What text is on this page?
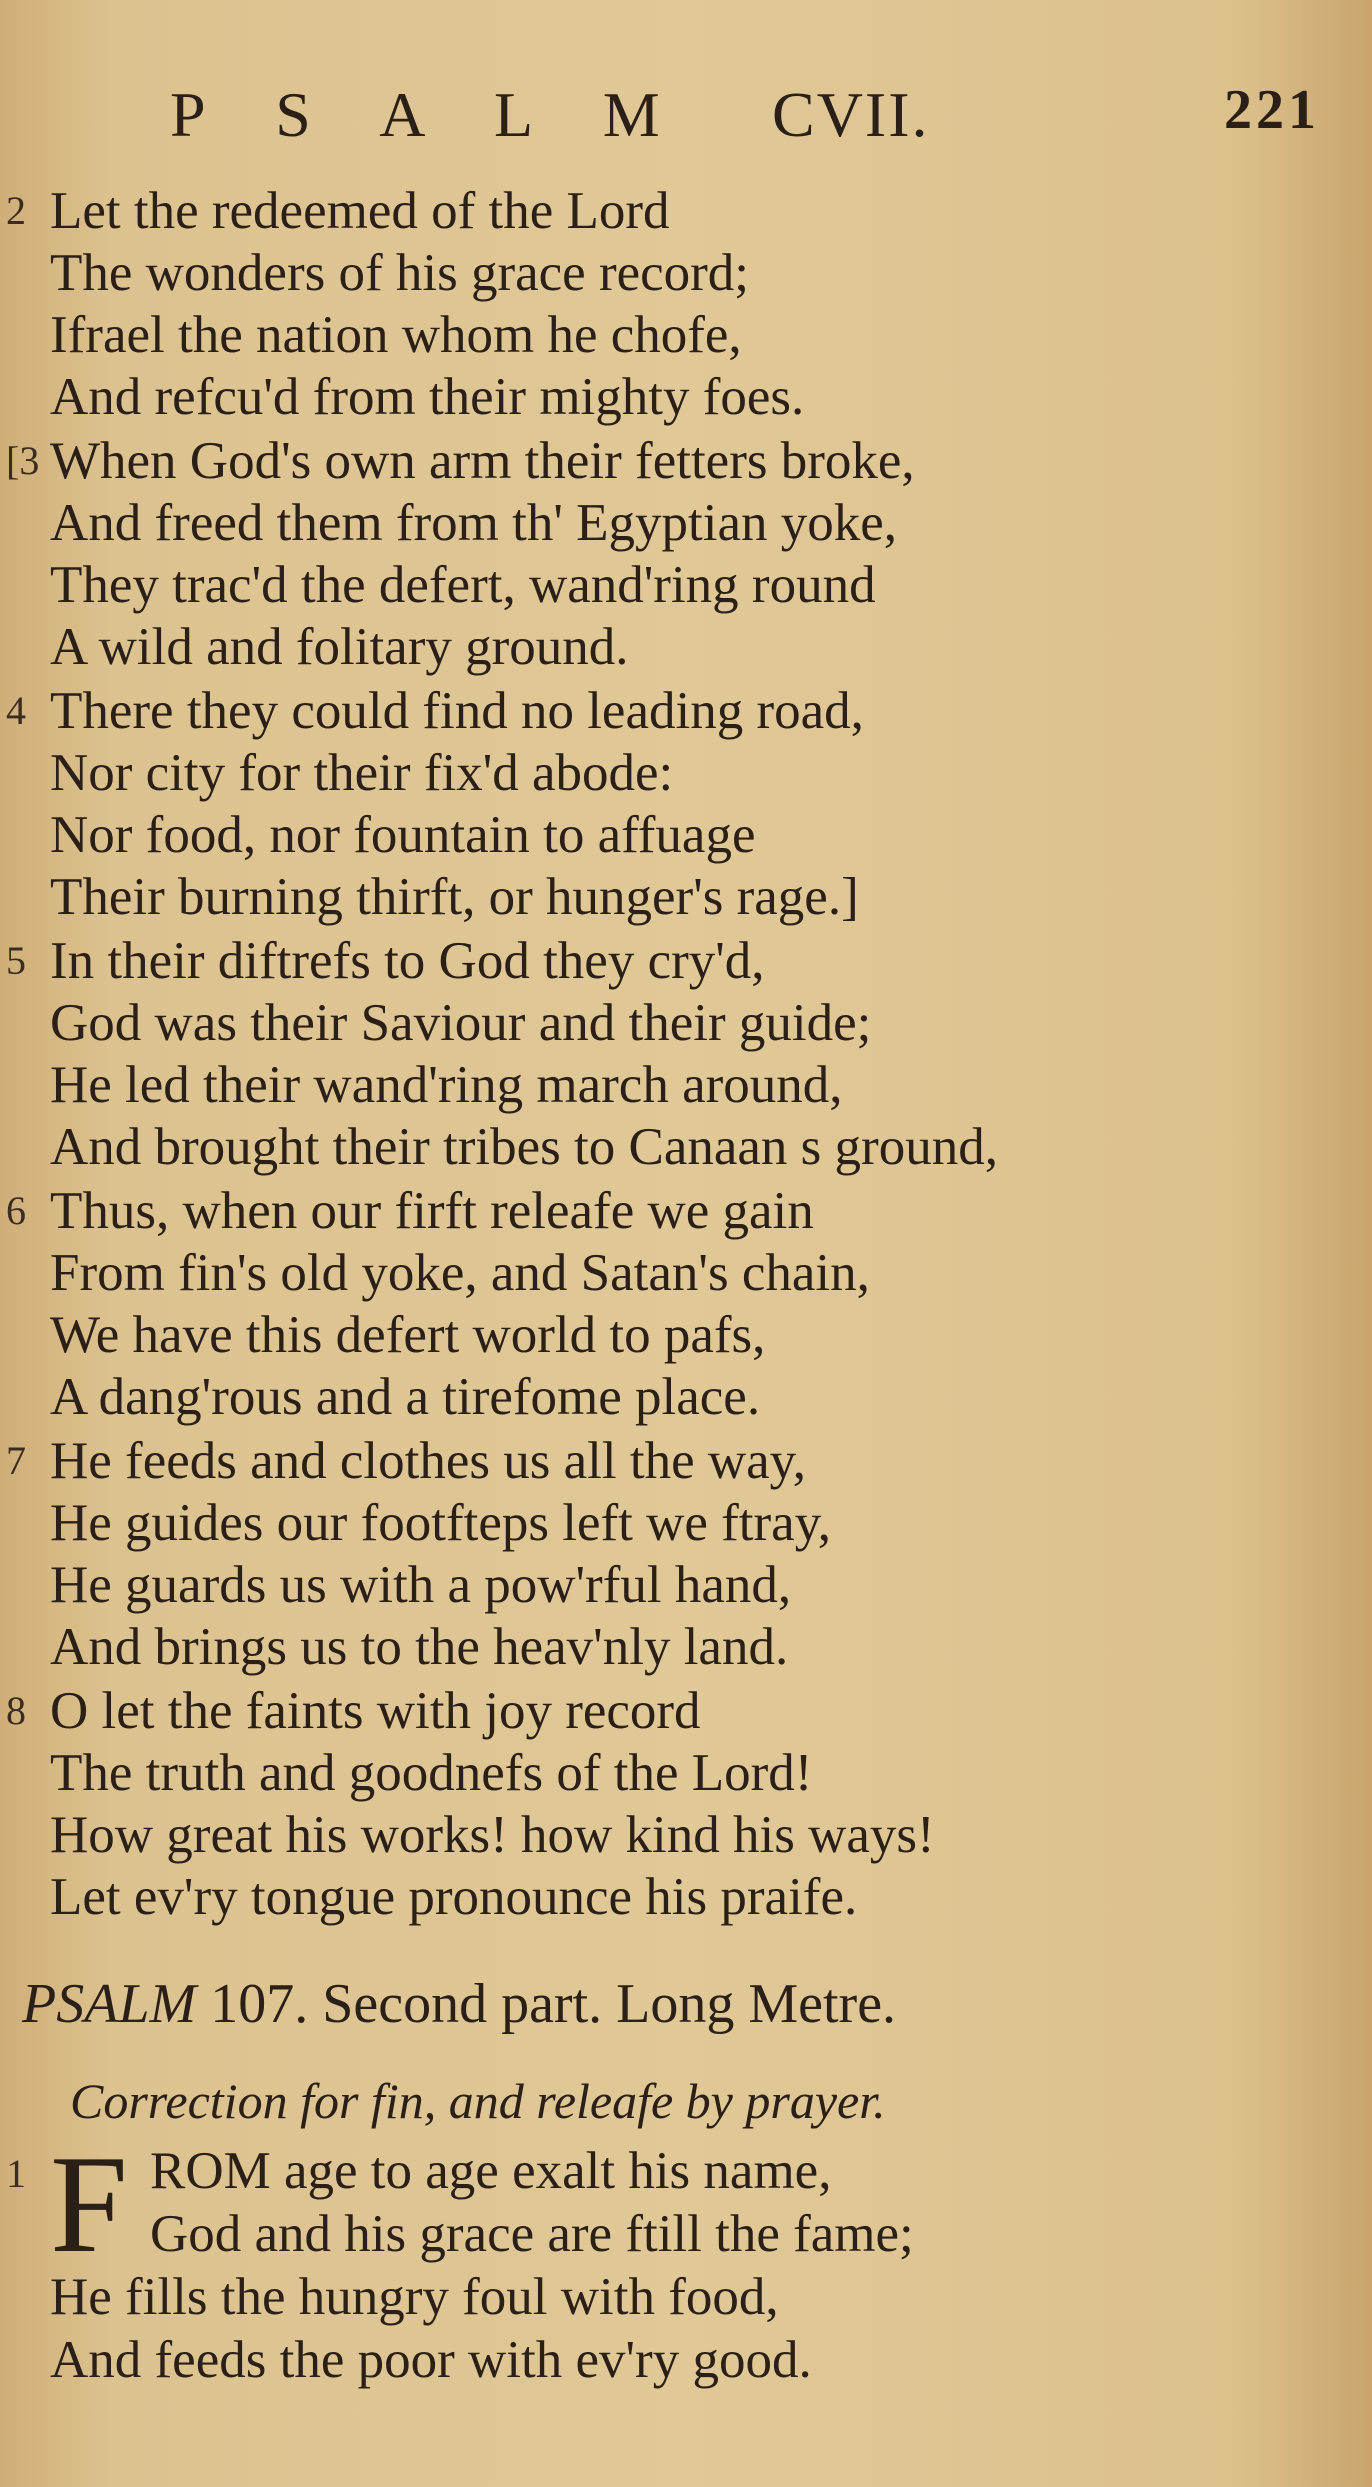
P S A L M CVII.	221
2 Let the redeemed of the Lord
The wonders of his grace record;
Ifrael the nation whom he chofe,
And refcu'd from their mighty foes.
[3 When God's own arm their fetters broke,
And freed them from th' Egyptian yoke,
They trac'd the defert, wand'ring round
A wild and folitary ground.
4 There they could find no leading road,
Nor city for their fix'd abode:
Nor food, nor fountain to affuage
Their burning thirft, or hunger's rage.]
5 In their diftrefs to God they cry'd,
God was their Saviour and their guide;
He led their wand'ring march around,
And brought their tribes to Canaan s ground,
6 Thus, when our firft releafe we gain
From fin's old yoke, and Satan's chain,
We have this defert world to pafs,
A dang'rous and a tirefome place.
7 He feeds and clothes us all the way,
He guides our footfteps left we ftray,
He guards us with a pow'rful hand,
And brings us to the heav'nly land.
8 O let the faints with joy record
The truth and goodnefs of the Lord!
How great his works! how kind his ways!
Let ev'ry tongue pronounce his praife.
PSALM 107. Second part. Long Metre.
Correction for fin, and releafe by prayer.
1 F ROM age to age exalt his name,
God and his grace are ftill the fame;
He fills the hungry foul with food,
And feeds the poor with ev'ry good.
